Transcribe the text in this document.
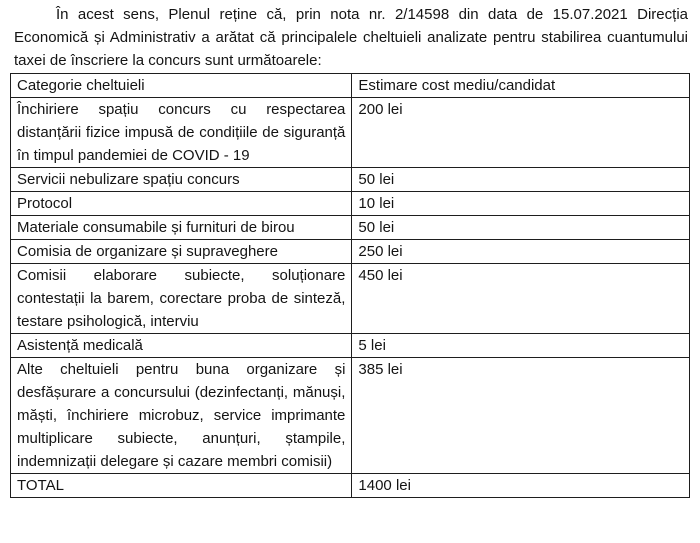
În acest sens, Plenul reține că, prin nota nr. 2/14598 din data de 15.07.2021 Direcția Economică și Administrativ a arătat că principalele cheltuieli analizate pentru stabilirea cuantumului taxei de înscriere la concurs sunt următoarele:

Categorie cheltuieli	Estimare cost mediu/candidat
Închiriere spațiu concurs cu respectarea distanțării fizice impusă de condițiile de siguranță în timpul pandemiei de COVID - 19	200 lei
Servicii nebulizare spațiu concurs	50 lei
Protocol	10 lei
Materiale consumabile și furnituri de birou	50 lei
Comisia de organizare și supraveghere	250 lei
Comisii elaborare subiecte, soluționare contestații la barem, corectare proba de sinteză, testare psihologică, interviu	450 lei
Asistență medicală	5 lei
Alte cheltuieli pentru buna organizare și desfășurare a concursului (dezinfectanți, mănuși, măști, închiriere microbuz, service imprimante multiplicare subiecte, anunțuri, ștampile, indemnizații delegare și cazare membri comisii)	385 lei
TOTAL	1400 lei
